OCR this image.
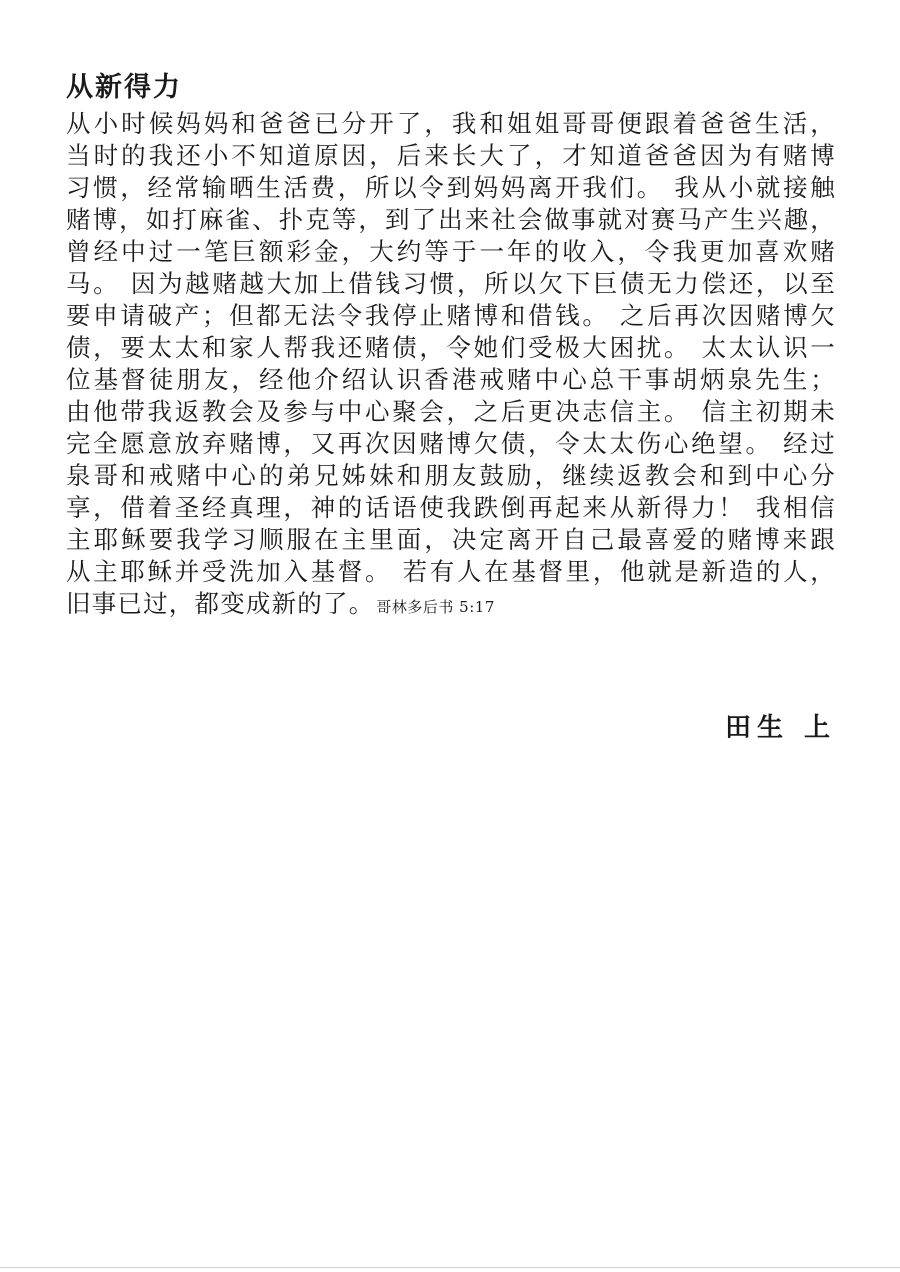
从新得力
从小时候妈妈和爸爸已分开了，我和姐姐哥哥便跟着爸爸生活，
当时的我还小不知道原因，后来长大了，才知道爸爸因为有赌博
习惯，经常输晒生活费，所以令到妈妈离开我们。 我从小就接触
赌博，如打麻雀、扑克等，到了出来社会做事就对赛马产生兴趣，
曾经中过一笔巨额彩金，大约等于一年的收入，令我更加喜欢赌
马。 因为越赌越大加上借钱习惯，所以欠下巨债无力偿还，以至
要申请破产；但都无法令我停止赌博和借钱。 之后再次因赌博欠
债，要太太和家人帮我还赌债，令她们受极大困扰。 太太认识一
位基督徒朋友，经他介绍认识香港戒赌中心总干事胡炳泉先生；
由他带我返教会及参与中心聚会，之后更决志信主。 信主初期未
完全愿意放弃赌博，又再次因赌博欠债，令太太伤心绝望。 经过
泉哥和戒赌中心的弟兄姊妹和朋友鼓励，继续返教会和到中心分
享，借着圣经真理，神的话语使我跌倒再起来从新得力！ 我相信
主耶稣要我学习顺服在主里面，决定离开自己最喜爱的赌博来跟
从主耶稣并受洗加入基督。 若有人在基督里，他就是新造的人，
旧事已过，都变成新的了。 哥林多后书 5:17
田生 上
